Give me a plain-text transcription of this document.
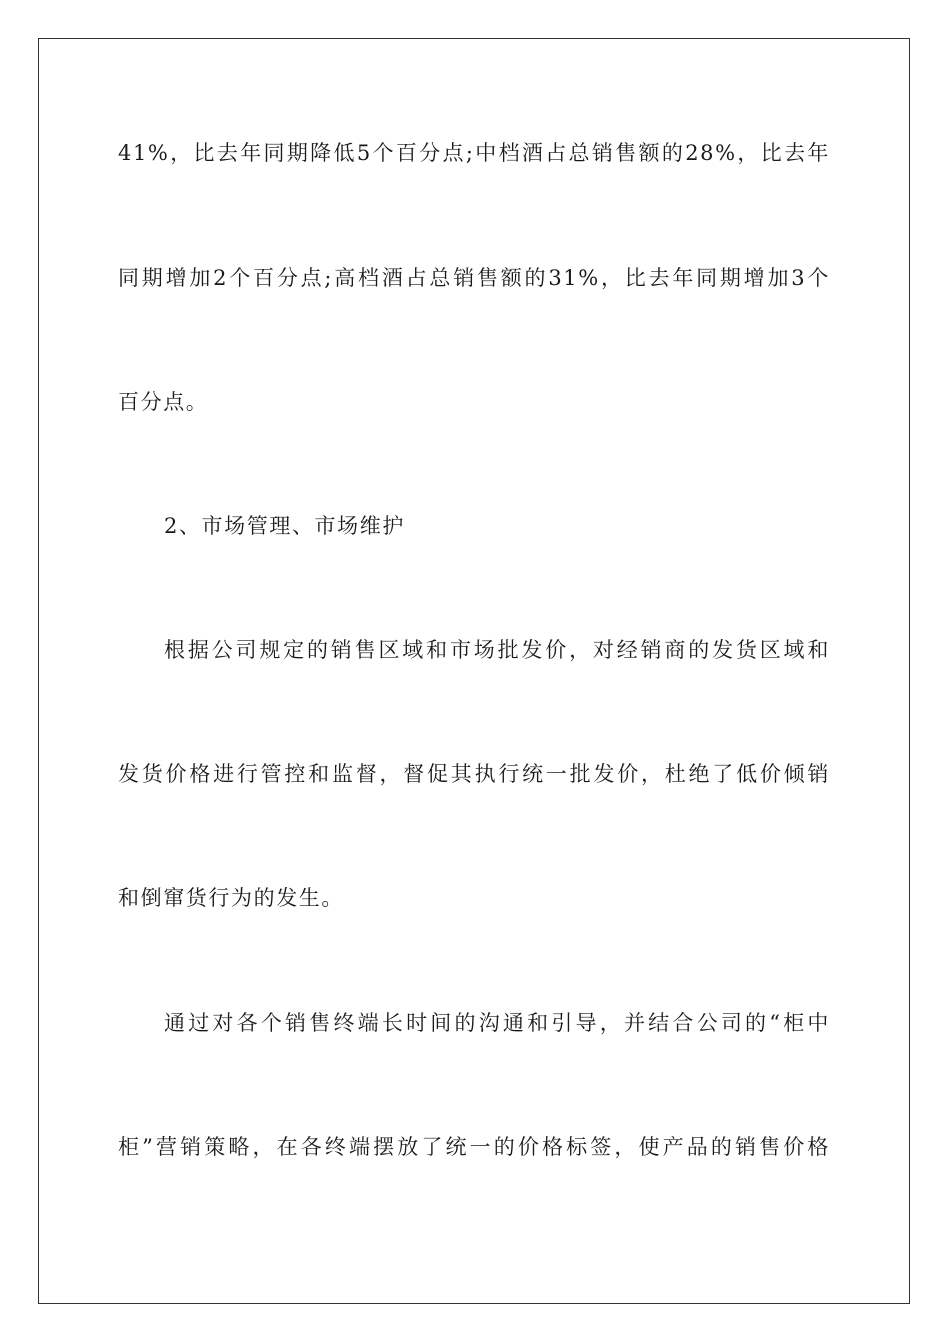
41%，比去年同期降低5个百分点;中档酒占总销售额的28%，比去年
同期增加2个百分点;高档酒占总销售额的31%，比去年同期增加3个
百分点。
2、市场管理、市场维护
根据公司规定的销售区域和市场批发价，对经销商的发货区域和
发货价格进行管控和监督，督促其执行统一批发价，杜绝了低价倾销
和倒窜货行为的发生。
通过对各个销售终端长时间的沟通和引导，并结合公司的“柜中
柜”营销策略，在各终端摆放了统一的价格标签，使产品的销售价格
